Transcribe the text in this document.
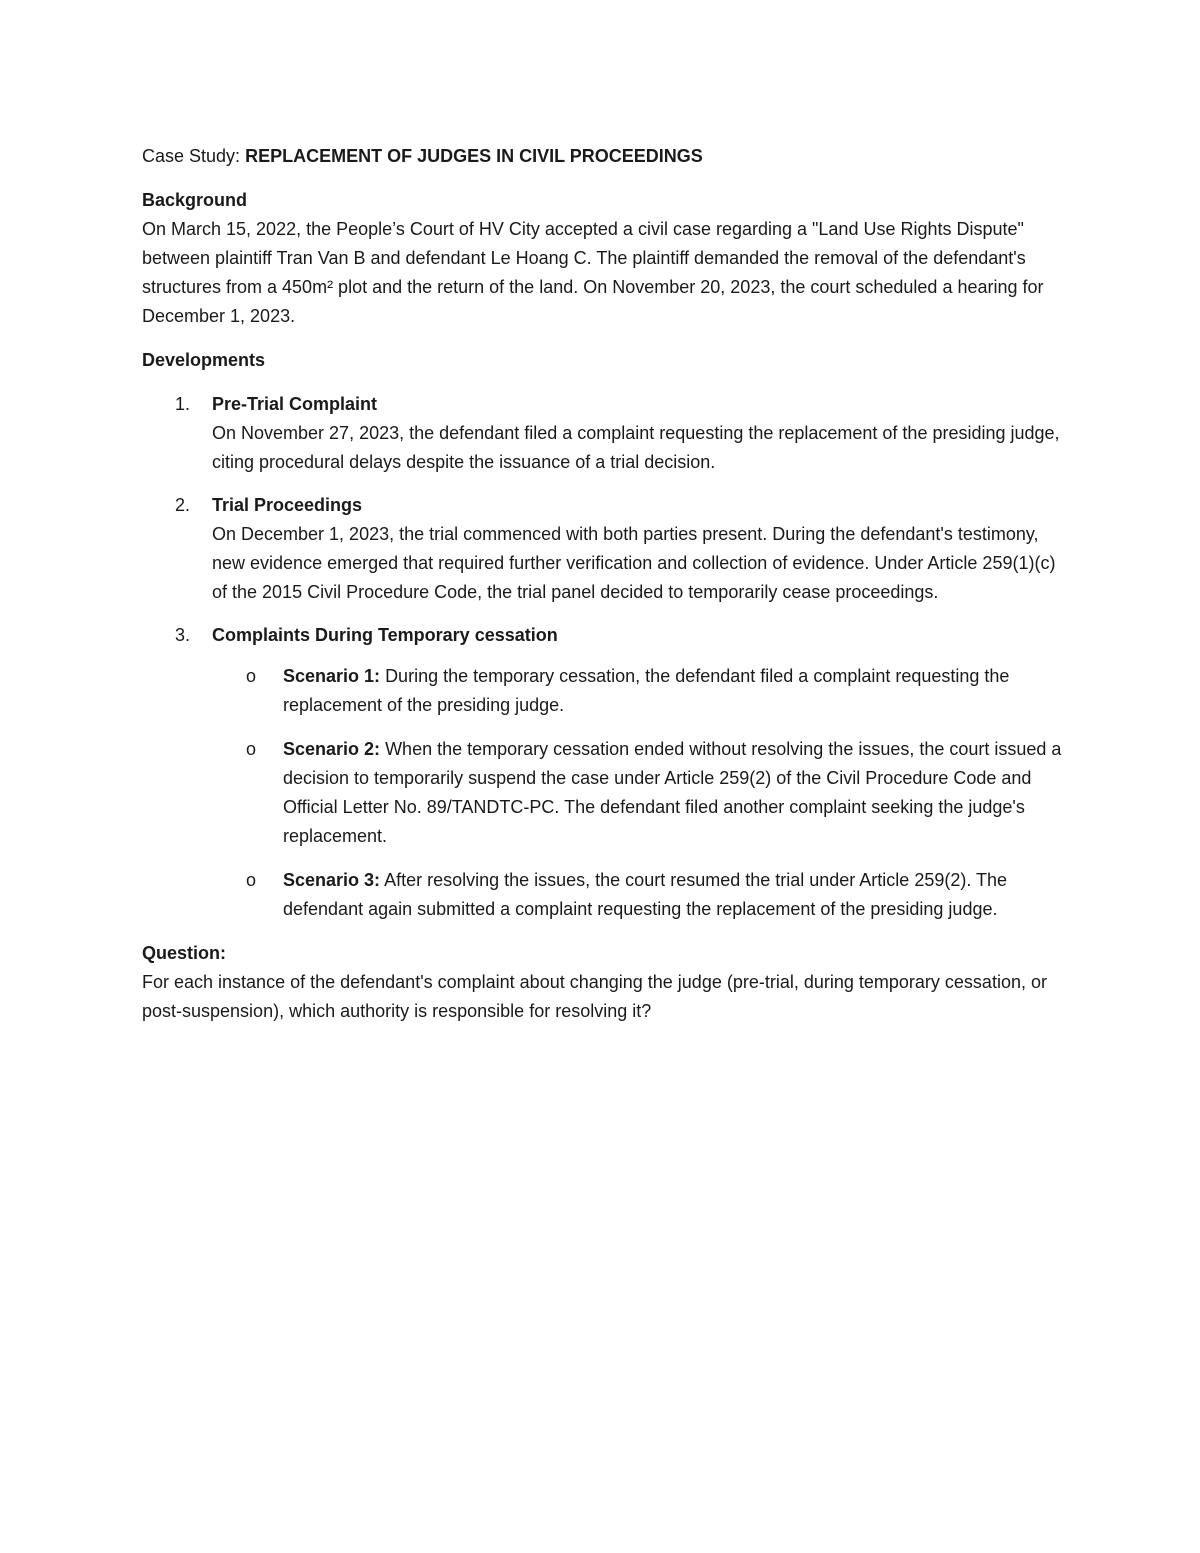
Case Study: REPLACEMENT OF JUDGES IN CIVIL PROCEEDINGS

Background

On March 15, 2022, the People’s Court of HV City accepted a civil case regarding a "Land Use Rights Dispute" between plaintiff Tran Van B and defendant Le Hoang C. The plaintiff demanded the removal of the defendant's structures from a 450m² plot and the return of the land. On November 20, 2023, the court scheduled a hearing for December 1, 2023.

Developments

1. Pre-Trial Complaint
On November 27, 2023, the defendant filed a complaint requesting the replacement of the presiding judge, citing procedural delays despite the issuance of a trial decision.
2. Trial Proceedings
On December 1, 2023, the trial commenced with both parties present. During the defendant's testimony, new evidence emerged that required further verification and collection of evidence. Under Article 259(1)(c) of the 2015 Civil Procedure Code, the trial panel decided to temporarily cease proceedings.
3. Complaints During Temporary cessation
o Scenario 1: During the temporary cessation, the defendant filed a complaint requesting the replacement of the presiding judge.
o Scenario 2: When the temporary cessation ended without resolving the issues, the court issued a decision to temporarily suspend the case under Article 259(2) of the Civil Procedure Code and Official Letter No. 89/TANDTC-PC. The defendant filed another complaint seeking the judge's replacement.
o Scenario 3: After resolving the issues, the court resumed the trial under Article 259(2). The defendant again submitted a complaint requesting the replacement of the presiding judge.

Question:

For each instance of the defendant's complaint about changing the judge (pre-trial, during temporary cessation, or post-suspension), which authority is responsible for resolving it?
